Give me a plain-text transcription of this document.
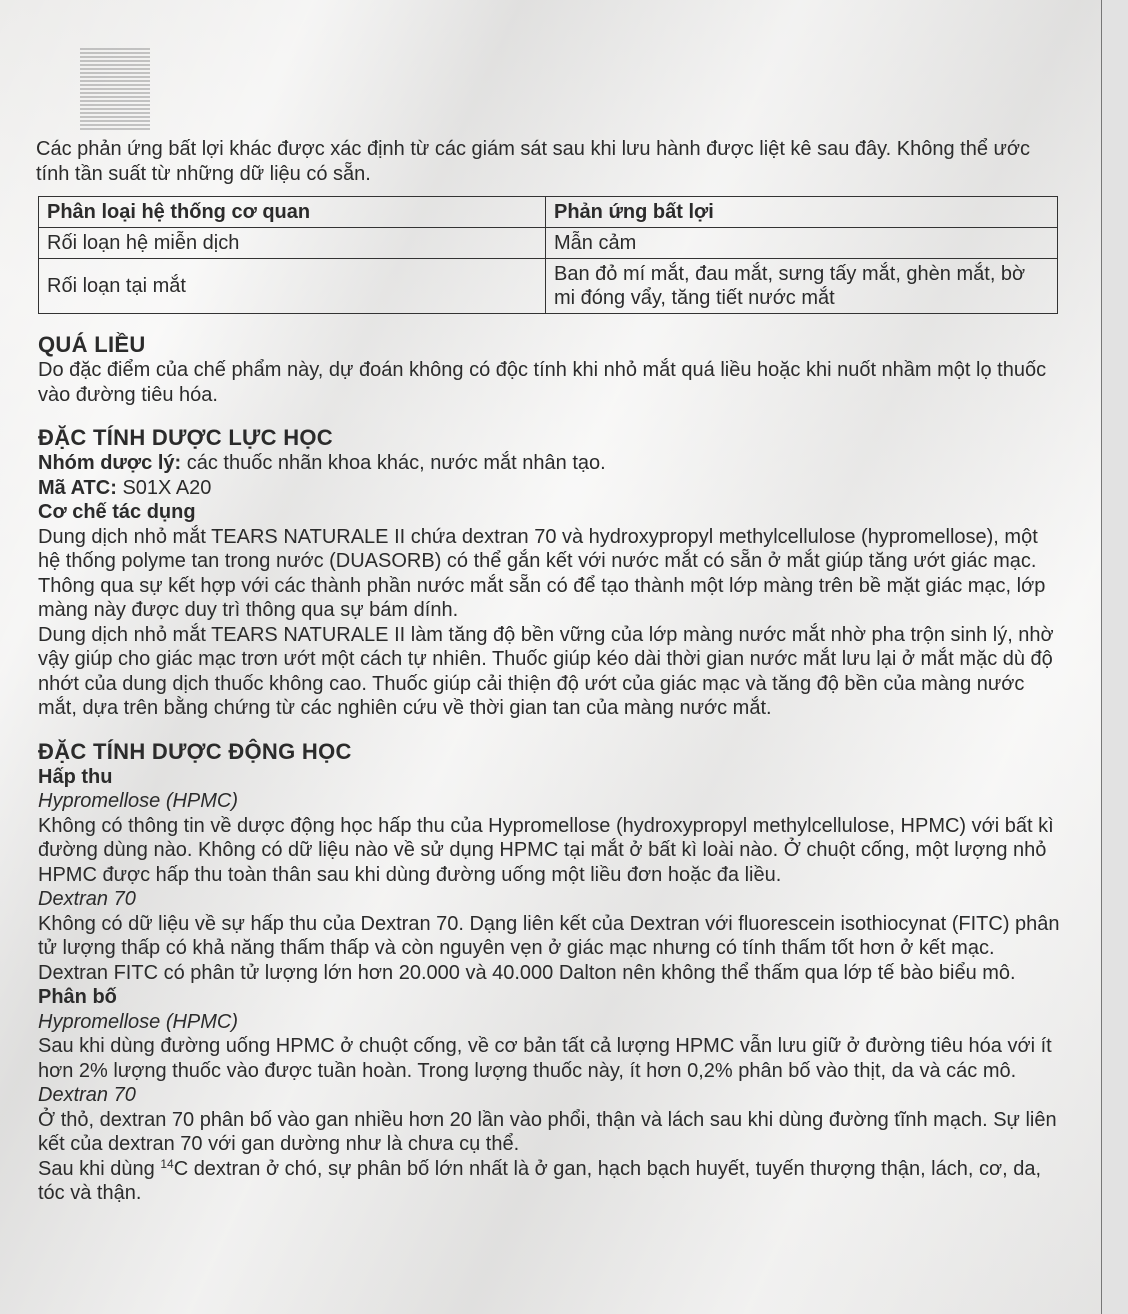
Các phản ứng bất lợi khác được xác định từ các giám sát sau khi lưu hành được liệt kê sau đây. Không thể ước tính tần suất từ những dữ liệu có sẵn.

Phân loại hệ thống cơ quan	Phản ứng bất lợi
Rối loạn hệ miễn dịch	Mẫn cảm
Rối loạn tại mắt	Ban đỏ mí mắt, đau mắt, sưng tấy mắt, ghèn mắt, bờ mi đóng vẩy, tăng tiết nước mắt

QUÁ LIỀU

Do đặc điểm của chế phẩm này, dự đoán không có độc tính khi nhỏ mắt quá liều hoặc khi nuốt nhầm một lọ thuốc vào đường tiêu hóa.

ĐẶC TÍNH DƯỢC LỰC HỌC

Nhóm dược lý: các thuốc nhãn khoa khác, nước mắt nhân tạo.

Mã ATC: S01X A20

Cơ chế tác dụng

Dung dịch nhỏ mắt TEARS NATURALE II chứa dextran 70 và hydroxypropyl methylcellulose (hypromellose), một hệ thống polyme tan trong nước (DUASORB) có thể gắn kết với nước mắt có sẵn ở mắt giúp tăng ướt giác mạc. Thông qua sự kết hợp với các thành phần nước mắt sẵn có để tạo thành một lớp màng trên bề mặt giác mạc, lớp màng này được duy trì thông qua sự bám dính.

Dung dịch nhỏ mắt TEARS NATURALE II làm tăng độ bền vững của lớp màng nước mắt nhờ pha trộn sinh lý, nhờ vậy giúp cho giác mạc trơn ướt một cách tự nhiên. Thuốc giúp kéo dài thời gian nước mắt lưu lại ở mắt mặc dù độ nhớt của dung dịch thuốc không cao. Thuốc giúp cải thiện độ ướt của giác mạc và tăng độ bền của màng nước mắt, dựa trên bằng chứng từ các nghiên cứu về thời gian tan của màng nước mắt.

ĐẶC TÍNH DƯỢC ĐỘNG HỌC

Hấp thu

Hypromellose (HPMC)

Không có thông tin về dược động học hấp thu của Hypromellose (hydroxypropyl methylcellulose, HPMC) với bất kì đường dùng nào. Không có dữ liệu nào về sử dụng HPMC tại mắt ở bất kì loài nào. Ở chuột cống, một lượng nhỏ HPMC được hấp thu toàn thân sau khi dùng đường uống một liều đơn hoặc đa liều.

Dextran 70

Không có dữ liệu về sự hấp thu của Dextran 70. Dạng liên kết của Dextran với fluorescein isothiocynat (FITC) phân tử lượng thấp có khả năng thấm thấp và còn nguyên vẹn ở giác mạc nhưng có tính thấm tốt hơn ở kết mạc.

Dextran FITC có phân tử lượng lớn hơn 20.000 và 40.000 Dalton nên không thể thấm qua lớp tế bào biểu mô.

Phân bố

Hypromellose (HPMC)

Sau khi dùng đường uống HPMC ở chuột cống, về cơ bản tất cả lượng HPMC vẫn lưu giữ ở đường tiêu hóa với ít hơn 2% lượng thuốc vào được tuần hoàn. Trong lượng thuốc này, ít hơn 0,2% phân bố vào thịt, da và các mô.

Dextran 70

Ở thỏ, dextran 70 phân bố vào gan nhiều hơn 20 lần vào phổi, thận và lách sau khi dùng đường tĩnh mạch. Sự liên kết của dextran 70 với gan dường như là chưa cụ thể.

Sau khi dùng $^{14}$C dextran ở chó, sự phân bố lớn nhất là ở gan, hạch bạch huyết, tuyến thượng thận, lách, cơ, da, tóc và thận.
